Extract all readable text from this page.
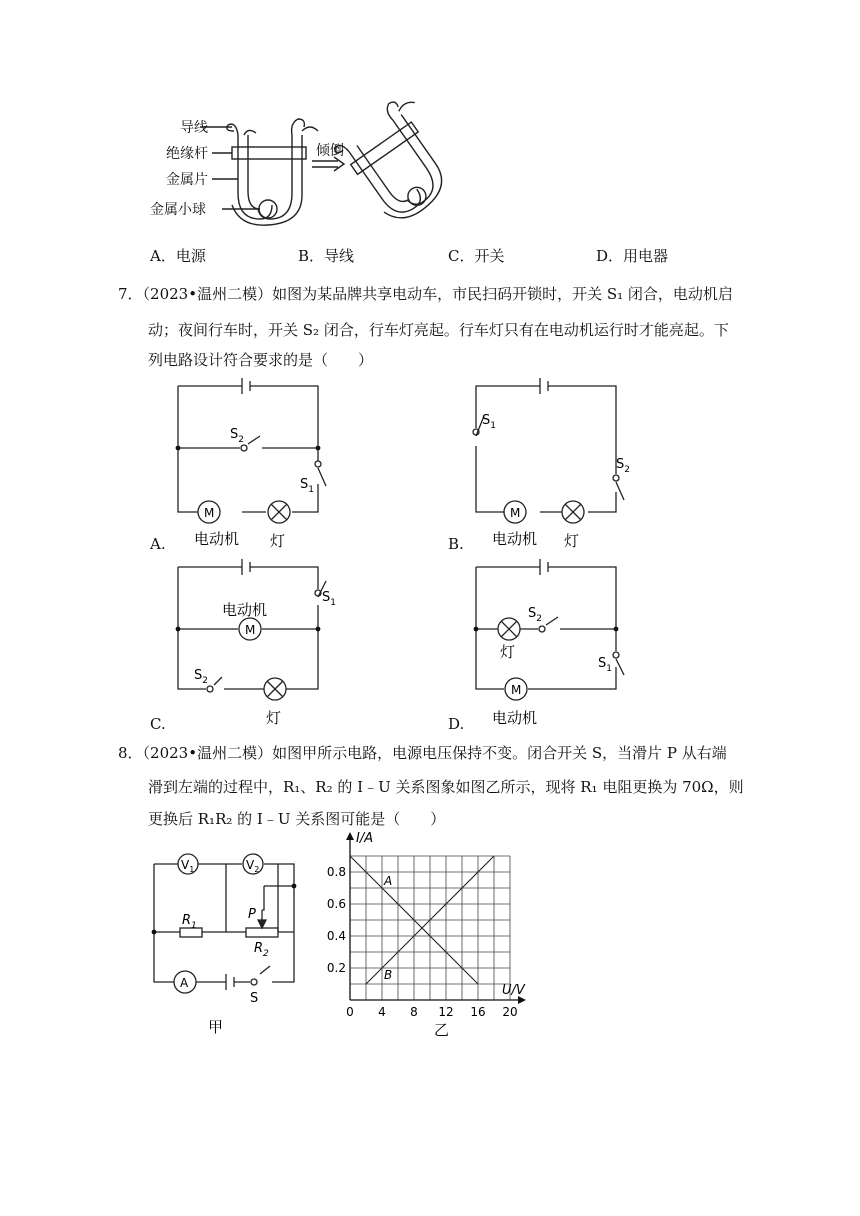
导线
绝缘杆
金属片
金属小球
倾倒
A．电源	B．导线	C．开关	D．用电器
7．（2023•温州二模）如图为某品牌共享电动车，市民扫码开锁时，开关 S₁ 闭合，电动机启
动；夜间行车时，开关 S₂ 闭合，行车灯亮起。行车灯只有在电动机运行时才能亮起。下
列电路设计符合要求的是（　　）
M
$S_2$
$S_1$
电动机 灯
A.
M
$S_1$
$S_2$
电动机 灯
B.
M
电动机
$S_1$
$S_2$
灯
C.
M
$S_2$
$S_1$
灯
电动机
D.
8．（2023•温州二模）如图甲所示电路，电源电压保持不变。闭合开关 S，当滑片 P 从右端
滑到左端的过程中，R₁、R₂ 的 I﹣U 关系图象如图乙所示，现将 R₁ 电阻更换为 70Ω，则
更换后 R₁R₂ 的 I﹣U 关系图可能是（　　）
$V_1$	$V_2$
$R_1$
P
$R_2$
A
S
甲
0 4 8 12 16 20
0.2
0.4
0.6
0.8
U/V
I/A
A
B
乙
